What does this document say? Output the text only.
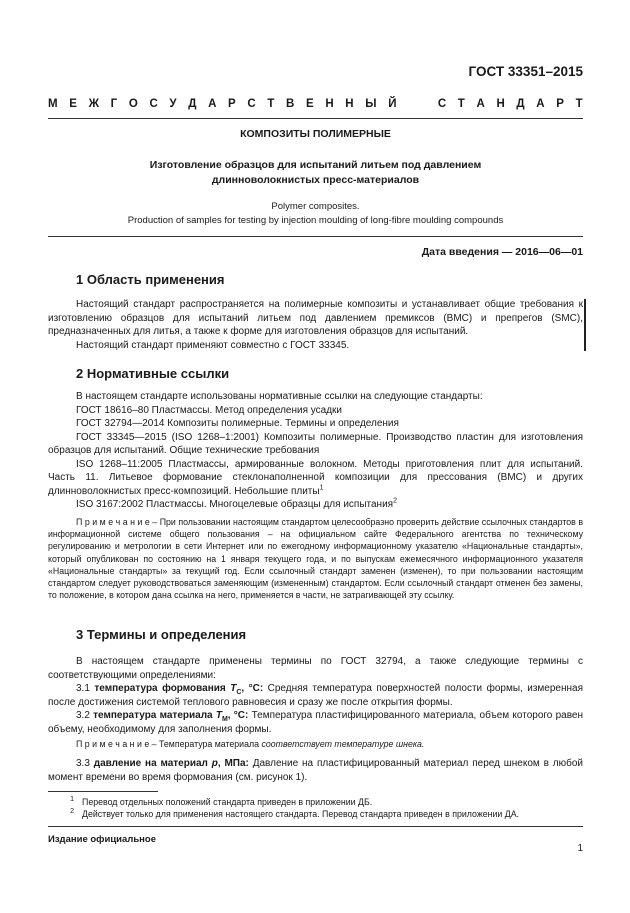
ГОСТ 33351–2015
М Е Ж Г О С У Д А Р С Т В Е Н Н Ы Й

	С Т А Н Д А Р Т
КОМПОЗИТЫ ПОЛИМЕРНЫЕ
Изготовление образцов для испытаний литьем под давлением
длинноволокнистых пресс-материалов
Polymer composites.
Production of samples for testing by injection moulding of long-fibre moulding compounds
Дата введения — 2016—06—01
1 Область применения

Настоящий стандарт распространяется на полимерные композиты и устанавливает общие требования к изготовлению образцов для испытаний литьем под давлением премиксов (BMC) и препрегов (SMC), предназначенных для литья, а также к форме для изготовления образцов для испытаний.

Настоящий стандарт применяют совместно с ГОСТ 33345.

2 Нормативные ссылки

В настоящем стандарте использованы нормативные ссылки на следующие стандарты:

ГОСТ 18616–80 Пластмассы. Метод определения усадки

ГОСТ 32794—2014 Композиты полимерные. Термины и определения

ГОСТ 33345—2015 (ISO 1268–1:2001) Композиты полимерные. Производство пластин для изготовления образцов для испытаний. Общие технические требования

ISO 1268–11:2005 Пластмассы, армированные волокном. Методы приготовления плит для испытаний. Часть 11. Литьевое формование стеклонаполненной композиции для прессования (BMC) и других длинноволокнистых пресс-композиций. Небольшие плиты$^1$

ISO 3167:2002 Пластмассы. Многоцелевые образцы для испытания$^2$

П р и м е ч а н и е – При пользовании настоящим стандартом целесообразно проверить действие ссылочных стандартов в информационной системе общего пользования – на официальном сайте Федерального агентства по техническому регулированию и метрологии в сети Интернет или по ежегодному информационному указателю «Национальные стандарты», который опубликован по состоянию на 1 января текущего года, и по выпускам ежемесячного информационного указателя «Национальные стандарты» за текущий год. Если ссылочный стандарт заменен (изменен), то при пользовании настоящим стандартом следует руководствоваться заменяющим (измененным) стандартом. Если ссылочный стандарт отменен без замены, то положение, в котором дана ссылка на него, применяется в части, не затрагивающей эту ссылку.

3 Термины и определения

В настоящем стандарте применены термины по ГОСТ 32794, а также следующие термины с соответствующими определениями:

3.1 температура формования $T_C$, °С: Средняя температура поверхностей полости формы, измеренная после достижения системой теплового равновесия и сразу же после открытия формы.

3.2 температура материала $T_M$, °С: Температура пластифицированного материала, объем которого равен объему, необходимому для заполнения формы.

П р и м е ч а н и е – Температура материала соответствует температуре шнека.

3.3 давление на материал p, МПа: Давление на пластифицированный материал перед шнеком в любой момент времени во время формования (см. рисунок 1).

1 Перевод отдельных положений стандарта приведен в приложении ДБ.
2 Действует только для применения настоящего стандарта. Перевод стандарта приведен в приложении ДА.
Издание официальное
1
